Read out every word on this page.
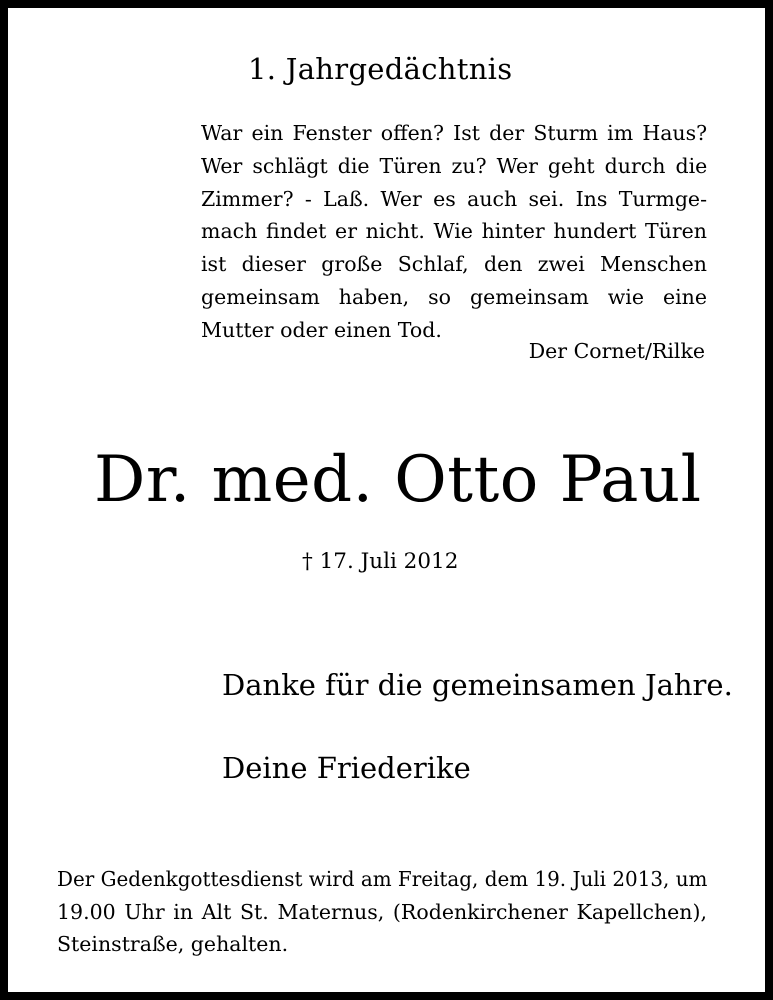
1. Jahrgedächtnis
War ein Fenster offen? Ist der Sturm im Haus?
Wer schlägt die Türen zu? Wer geht durch die
Zimmer? - Laß. Wer es auch sei. Ins Turmge-
mach findet er nicht. Wie hinter hundert Türen
ist dieser große Schlaf, den zwei Menschen
gemeinsam haben, so gemeinsam wie eine
Mutter oder einen Tod.
Der Cornet/Rilke
Dr. med. Otto Paul
† 17. Juli 2012
Danke für die gemeinsamen Jahre.
Deine Friederike
Der Gedenkgottesdienst wird am Freitag, dem 19. Juli 2013, um
19.00 Uhr in Alt St. Maternus, (Rodenkirchener Kapellchen),
Steinstraße, gehalten.
